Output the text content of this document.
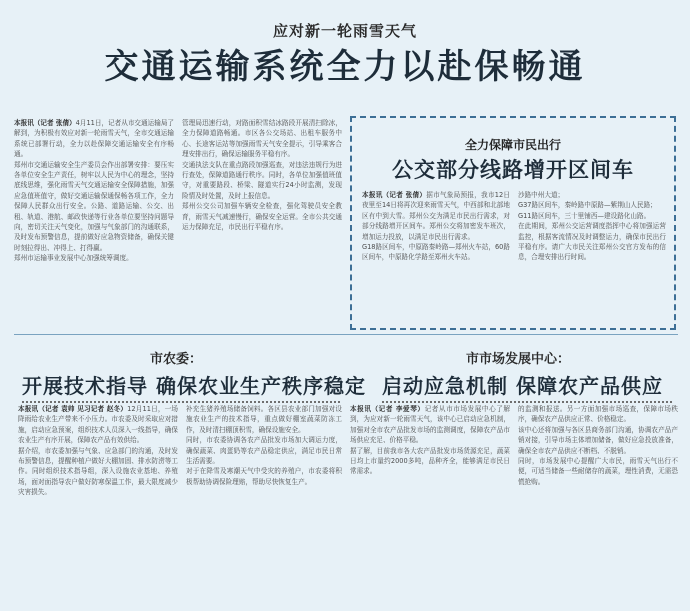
应对新一轮雨雪天气
交通运输系统全力以赴保畅通

本报讯（记者 张倩）4月11日，记者从市交通运输局了解到，为积极有效应对新一轮雨雪天气，全市交通运输系统已部署行动，全力以赴保障交通运输安全有序畅通。

郑州市交通运输安全生产委员会作出部署安排：要压实各单位安全生产责任，树牢以人民为中心的理念，坚持底线思维，强化雨雪天气交通运输安全保障措施，加强应急值班值守，做好交通运输保通保畅各项工作，全力保障人民群众出行安全。公路、道路运输、公交、出租、轨道、港航、邮政快递等行业各单位要坚持问题导向，密切关注天气变化，加强与气象部门的沟通联系，及时发布预警信息，提前做好应急物资储备，确保关键时刻拉得出、冲得上、打得赢。

郑州市运输事业发展中心加强统筹调度。

管理局迅速行动，对路面积雪结冰路段开展清扫除冰，全力保障道路畅通。市区各公交场站、出租车服务中心、长途客运站等加强雨雪天气安全提示，引导乘客合理安排出行，确保运输服务平稳有序。

交通执法支队在重点路段加强巡查，对违法违规行为进行查处，保障道路通行秩序。同时，各单位加强值班值守，对重要路段、桥梁、隧道实行24小时监测，发现险情及时处置，及时上报信息。

郑州公交公司加强车辆安全检查，强化驾驶员安全教育，雨雪天气减速慢行，确保安全运营。全市公共交通运力保障充足，市民出行平稳有序。

全力保障市民出行
公交部分线路增开区间车

本报讯（记者 张倩）据市气象局预报，我市12日夜里至14日将再次迎来雨雪天气，中西部和北部地区有中到大雪。郑州公交为满足市民出行需求，对部分线路增开区间车。郑州公交将加密发车班次，增加运力投放，以满足市民出行需求。

G18路区间车，中原路秦岭路—郑州火车站，60路区间车，中原路化学路至郑州火车站。

沙路中州大道；

G37路区间车，秦岭路中原路—紫荆山人民路；

G11路区间车，三十里铺西—建设路化山路。

在此期间，郑州公交运营调度指挥中心将加强运营监控，根据客流情况及时调整运力，确保市民出行平稳有序。请广大市民关注郑州公交官方发布的信息，合理安排出行时间。

市农委：
开展技术指导 确保农业生产秩序稳定

本报讯（记者 袁帅 见习记者 赵冬）12月11日，一场降雨给农业生产带来不小压力。市农委及时采取应对措施，启动应急预案，组织技术人员深入一线指导，确保农业生产有序开展，保障农产品有效供给。

据介绍，市农委加强与气象、应急部门的沟通，及时发布预警信息，提醒种植户做好大棚加固、排水防涝等工作。同时组织技术指导组，深入设施农业基地、养殖场，面对面指导农户做好防寒保温工作，最大限度减少灾害损失。

补充生猪养殖场储备饲料。各区县农业部门加强对设施农业生产的技术指导，重点做好棚室蔬菜防冻工作，及时清扫棚顶积雪，确保设施安全。

同时，市农委协调各农产品批发市场加大调运力度，确保蔬菜、肉蛋奶等农产品稳定供应，满足市民日常生活需要。

对于在降雪及寒潮天气中受灾的养殖户，市农委将积极帮助协调保险理赔，帮助尽快恢复生产。

市市场发展中心：
启动应急机制 保障农产品供应

本报讯（记者 李爱琴）记者从市市场发展中心了解到，为应对新一轮雨雪天气，该中心已启动应急机制，加强对全市农产品批发市场的监测调度，保障农产品市场供应充足、价格平稳。

据了解，目前我市各大农产品批发市场货源充足，蔬菜日均上市量约2000多吨，品种齐全，能够满足市民日常需求。

的监测和报送。另一方面加强市场巡查，保障市场秩序，确保农产品供应正常、价格稳定。

该中心还将加强与各区县商务部门沟通，协调农产品产销对接，引导市场主体增加储备，做好应急投放准备，确保全市农产品供应不断档、不脱销。

同时，市场发展中心提醒广大市民，雨雪天气出行不便，可适当储备一些耐储存的蔬菜，理性消费，无需恐慌抢购。
